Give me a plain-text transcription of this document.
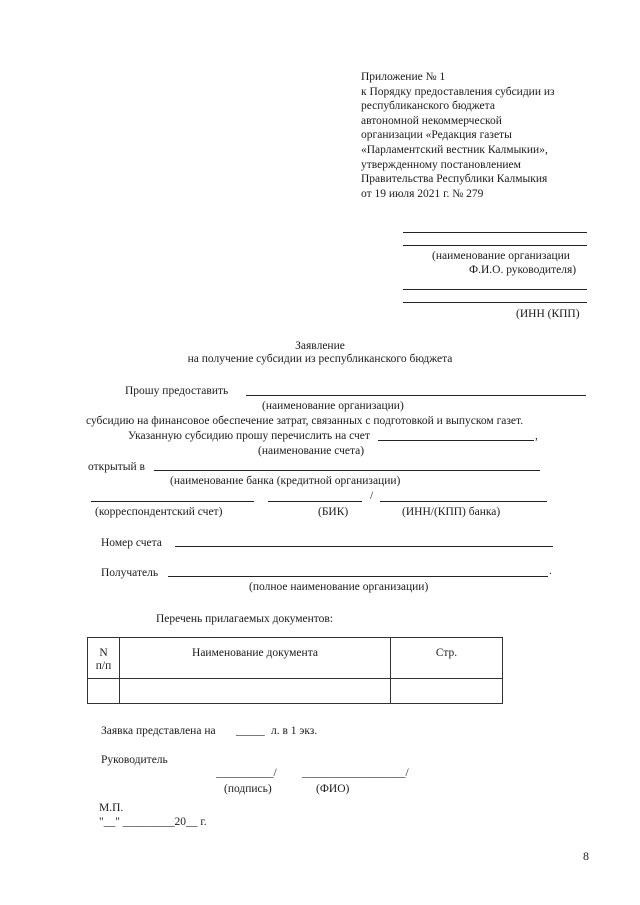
Приложение № 1
к Порядку предоставления субсидии из
республиканского бюджета
автономной некоммерческой
организации «Редакция газеты
«Парламентский вестник Калмыкии»,
утвержденному постановлением
Правительства Республики Калмыкия
от 19 июля 2021 г. № 279
(наименование организации
Ф.И.О. руководителя)
(ИНН (КПП)
Заявление
на получение субсидии из республиканского бюджета
Прошу предоставить
(наименование организации)
субсидию на финансовое обеспечение затрат, связанных с подготовкой и выпуском газет.
Указанную субсидию прошу перечислить на счет	,
(наименование счета)
открытый в
(наименование банка (кредитной организации)
/
(корреспондентский счет)	(БИК)	(ИНН/(КПП) банка)
Номер счета
Получатель	.
(полное наименование организации)
Перечень прилагаемых документов:
N
п/п	Наименование документа	Стр.

Заявка представлена на _____ л. в 1 экз.
Руководитель
__________/ __________________/
(подпись)	(ФИО)
М.П.
"__" _________20__ г.
8
